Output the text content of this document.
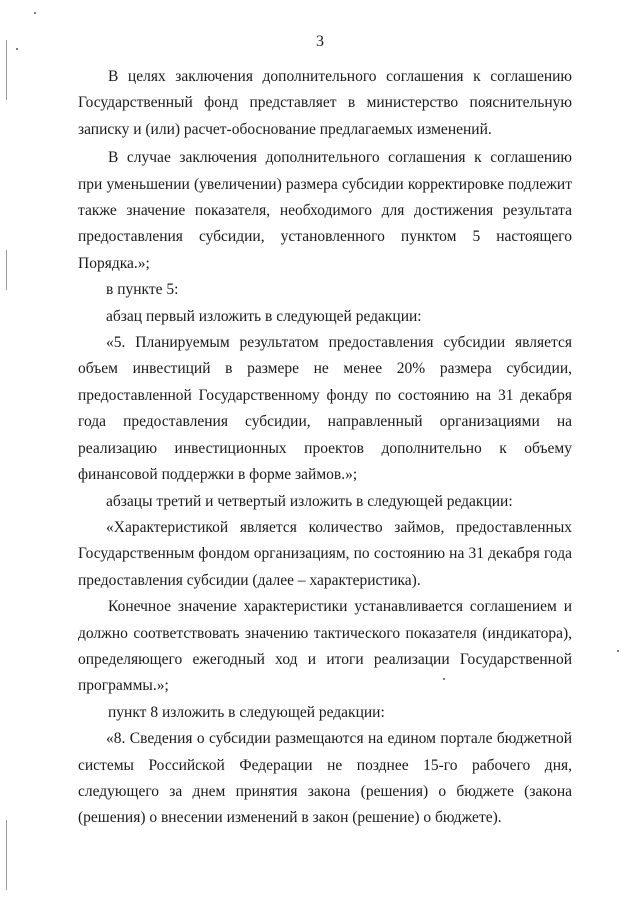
3

В целях заключения дополнительного соглашения к соглашению Государственный фонд представляет в министерство пояснительную записку и (или) расчет-обоснование предлагаемых изменений.

В случае заключения дополнительного соглашения к соглашению при уменьшении (увеличении) размера субсидии корректировке подлежит также значение показателя, необходимого для достижения результата предоставления субсидии, установленного пунктом 5 настоящего Порядка.»;

в пункте 5:

абзац первый изложить в следующей редакции:

«5. Планируемым результатом предоставления субсидии является объем инвестиций в размере не менее 20% размера субсидии, предоставленной Государственному фонду по состоянию на 31 декабря года предоставления субсидии, направленный организациями на реализацию инвестиционных проектов дополнительно к объему финансовой поддержки в форме займов.»;

абзацы третий и четвертый изложить в следующей редакции:

«Характеристикой является количество займов, предоставленных Государственным фондом организациям, по состоянию на 31 декабря года предоставления субсидии (далее – характеристика).

Конечное значение характеристики устанавливается соглашением и должно соответствовать значению тактического показателя (индикатора), определяющего ежегодный ход и итоги реализации Государственной программы.»;

пункт 8 изложить в следующей редакции:

«8. Сведения о субсидии размещаются на едином портале бюджетной системы Российской Федерации не позднее 15-го рабочего дня, следующего за днем принятия закона (решения) о бюджете (закона (решения) о внесении изменений в закон (решение) о бюджете).
